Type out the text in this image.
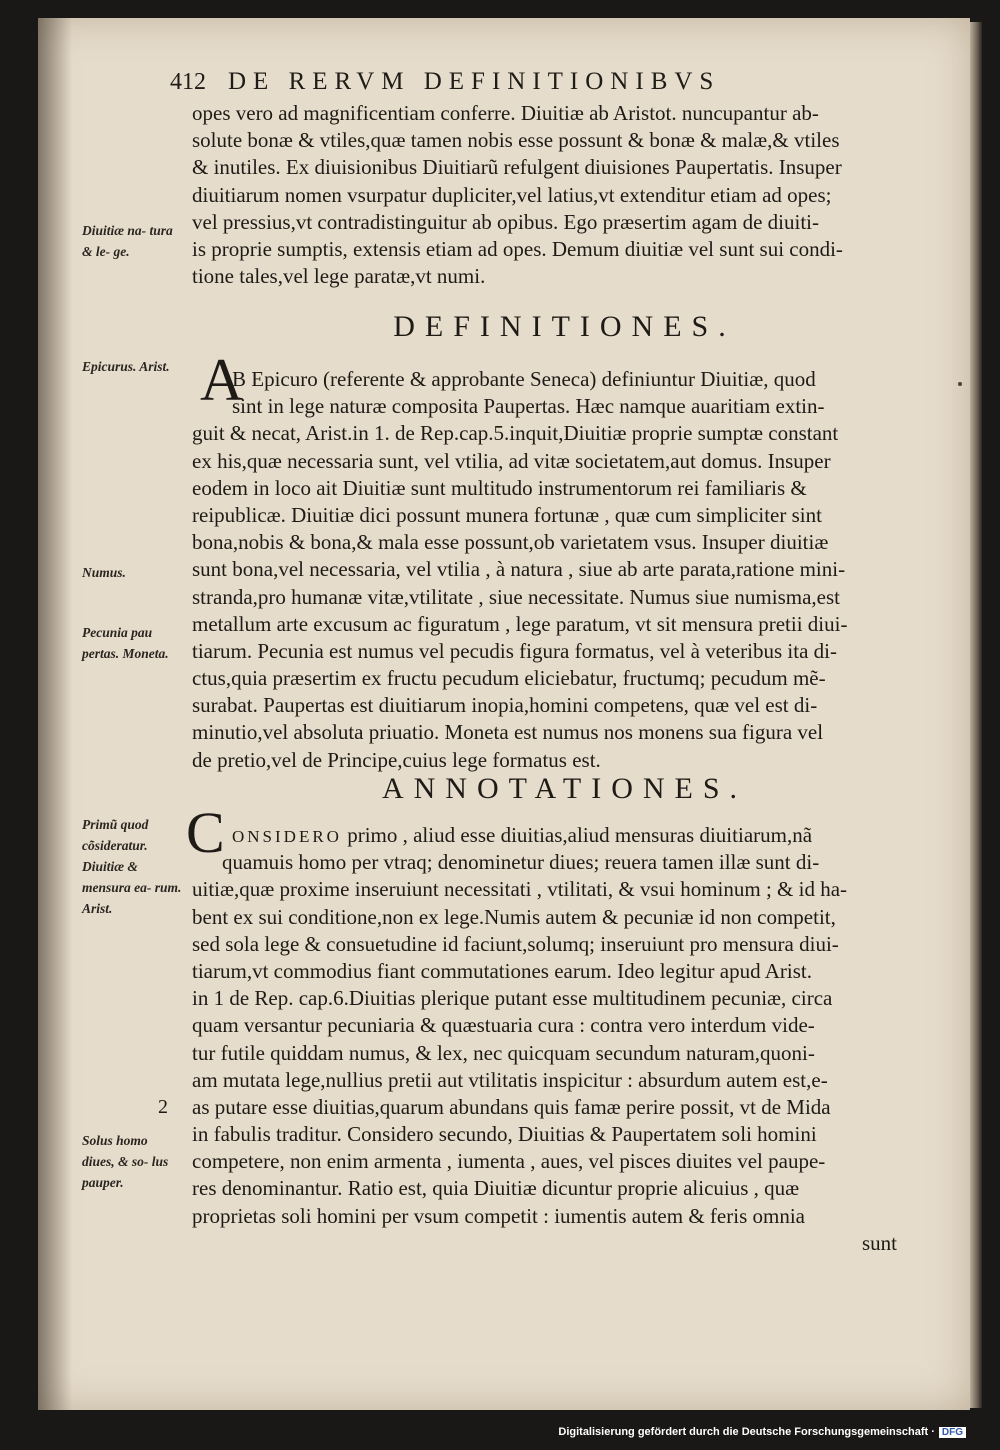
412 DE RERVM DEFINITIONIBVS
opes vero ad magnificentiam conferre. Diuitiæ ab Aristot. nuncupantur ab-
solute bonæ & vtiles,quæ tamen nobis esse possunt & bonæ & malæ,& vtiles
& inutiles. Ex diuisionibus Diuitiarũ refulgent diuisiones Paupertatis. Insuper
diuitiarum nomen vsurpatur dupliciter,vel latius,vt extenditur etiam ad opes;
vel pressius,vt contradistinguitur ab opibus. Ego præsertim agam de diuiti-
is proprie sumptis, extensis etiam ad opes. Demum diuitiæ vel sunt sui condi-
tione tales,vel lege paratæ,vt numi.
Diuitiæ na- tura & le- ge.
DEFINITIONES.
Epicurus. Arist. A
B Epicuro (referente & approbante Seneca) definiuntur Diuitiæ, quod
sint in lege naturæ composita Paupertas. Hæc namque auaritiam extin-
guit & necat, Arist.in 1. de Rep.cap.5.inquit,Diuitiæ proprie sumptæ constant
ex his,quæ necessaria sunt, vel vtilia, ad vitæ societatem,aut domus. Insuper
eodem in loco ait Diuitiæ sunt multitudo instrumentorum rei familiaris &
reipublicæ. Diuitiæ dici possunt munera fortunæ , quæ cum simpliciter sint
bona,nobis & bona,& mala esse possunt,ob varietatem vsus. Insuper diuitiæ
sunt bona,vel necessaria, vel vtilia , à natura , siue ab arte parata,ratione mini-
stranda,pro humanæ vitæ,vtilitate , siue necessitate. Numus siue numisma,est
metallum arte excusum ac figuratum , lege paratum, vt sit mensura pretii diui-
tiarum. Pecunia est numus vel pecudis figura formatus, vel à veteribus ita di-
ctus,quia præsertim ex fructu pecudum eliciebatur, fructumq; pecudum mẽ-
surabat. Paupertas est diuitiarum inopia,homini competens, quæ vel est di-
minutio,vel absoluta priuatio. Moneta est numus nos monens sua figura vel
de pretio,vel de Principe,cuius lege formatus est.
Numus.
Pecunia pau pertas. Moneta.
ANNOTATIONES.
Primũ quod cõsideratur. Diuitiæ & mensura ea- rum. Arist.
C ONSIDERO primo , aliud esse diuitias,aliud mensuras diuitiarum,nã
quamuis homo per vtraq; denominetur diues; reuera tamen illæ sunt di-
uitiæ,quæ proxime inseruiunt necessitati , vtilitati, & vsui hominum ; & id ha-
bent ex sui conditione,non ex lege.Numis autem & pecuniæ id non competit,
sed sola lege & consuetudine id faciunt,solumq; inseruiunt pro mensura diui-
tiarum,vt commodius fiant commutationes earum. Ideo legitur apud Arist.
in 1 de Rep. cap.6.Diuitias plerique putant esse multitudinem pecuniæ, circa
quam versantur pecuniaria & quæstuaria cura : contra vero interdum vide-
tur futile quiddam numus, & lex, nec quicquam secundum naturam,quoni-
am mutata lege,nullius pretii aut vtilitatis inspicitur : absurdum autem est,e-
as putare esse diuitias,quarum abundans quis famæ perire possit, vt de Mida
in fabulis traditur. Considero secundo, Diuitias & Paupertatem soli homini
competere, non enim armenta , iumenta , aues, vel pisces diuites vel paupe-
res denominantur. Ratio est, quia Diuitiæ dicuntur proprie alicuius , quæ
proprietas soli homini per vsum competit : iumentis autem & feris omnia
sunt
2
Solus homo diues, & so- lus pauper.
Digitalisierung gefördert durch die Deutsche Forschungsgemeinschaft · DFG
